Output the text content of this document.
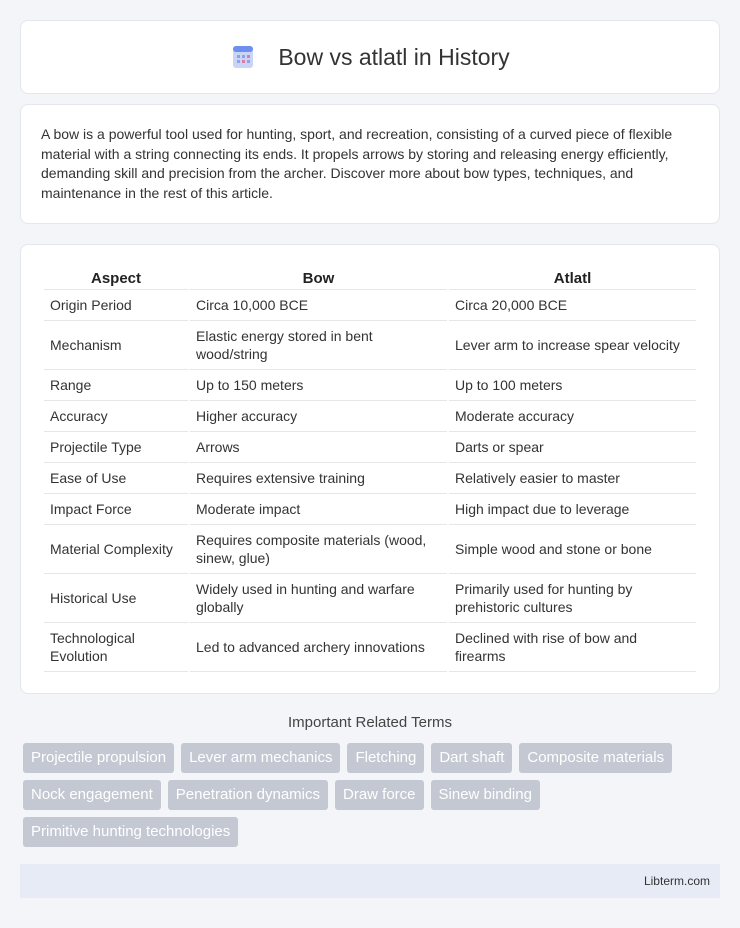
Bow vs atlatl in History

A bow is a powerful tool used for hunting, sport, and recreation, consisting of a curved piece of flexible material with a string connecting its ends. It propels arrows by storing and releasing energy efficiently, demanding skill and precision from the archer. Discover more about bow types, techniques, and maintenance in the rest of this article.

Aspect	Bow	Atlatl
Origin Period	Circa 10,000 BCE	Circa 20,000 BCE
Mechanism	Elastic energy stored in bent wood/string	Lever arm to increase spear velocity
Range	Up to 150 meters	Up to 100 meters
Accuracy	Higher accuracy	Moderate accuracy
Projectile Type	Arrows	Darts or spear
Ease of Use	Requires extensive training	Relatively easier to master
Impact Force	Moderate impact	High impact due to leverage
Material Complexity	Requires composite materials (wood, sinew, glue)	Simple wood and stone or bone
Historical Use	Widely used in hunting and warfare globally	Primarily used for hunting by prehistoric cultures
Technological Evolution	Led to advanced archery innovations	Declined with rise of bow and firearms
Important Related Terms
Projectile propulsion	Lever arm mechanics	Fletching	Dart shaft	Composite materials
Nock engagement	Penetration dynamics	Draw force	Sinew binding
Primitive hunting technologies
Libterm.com
